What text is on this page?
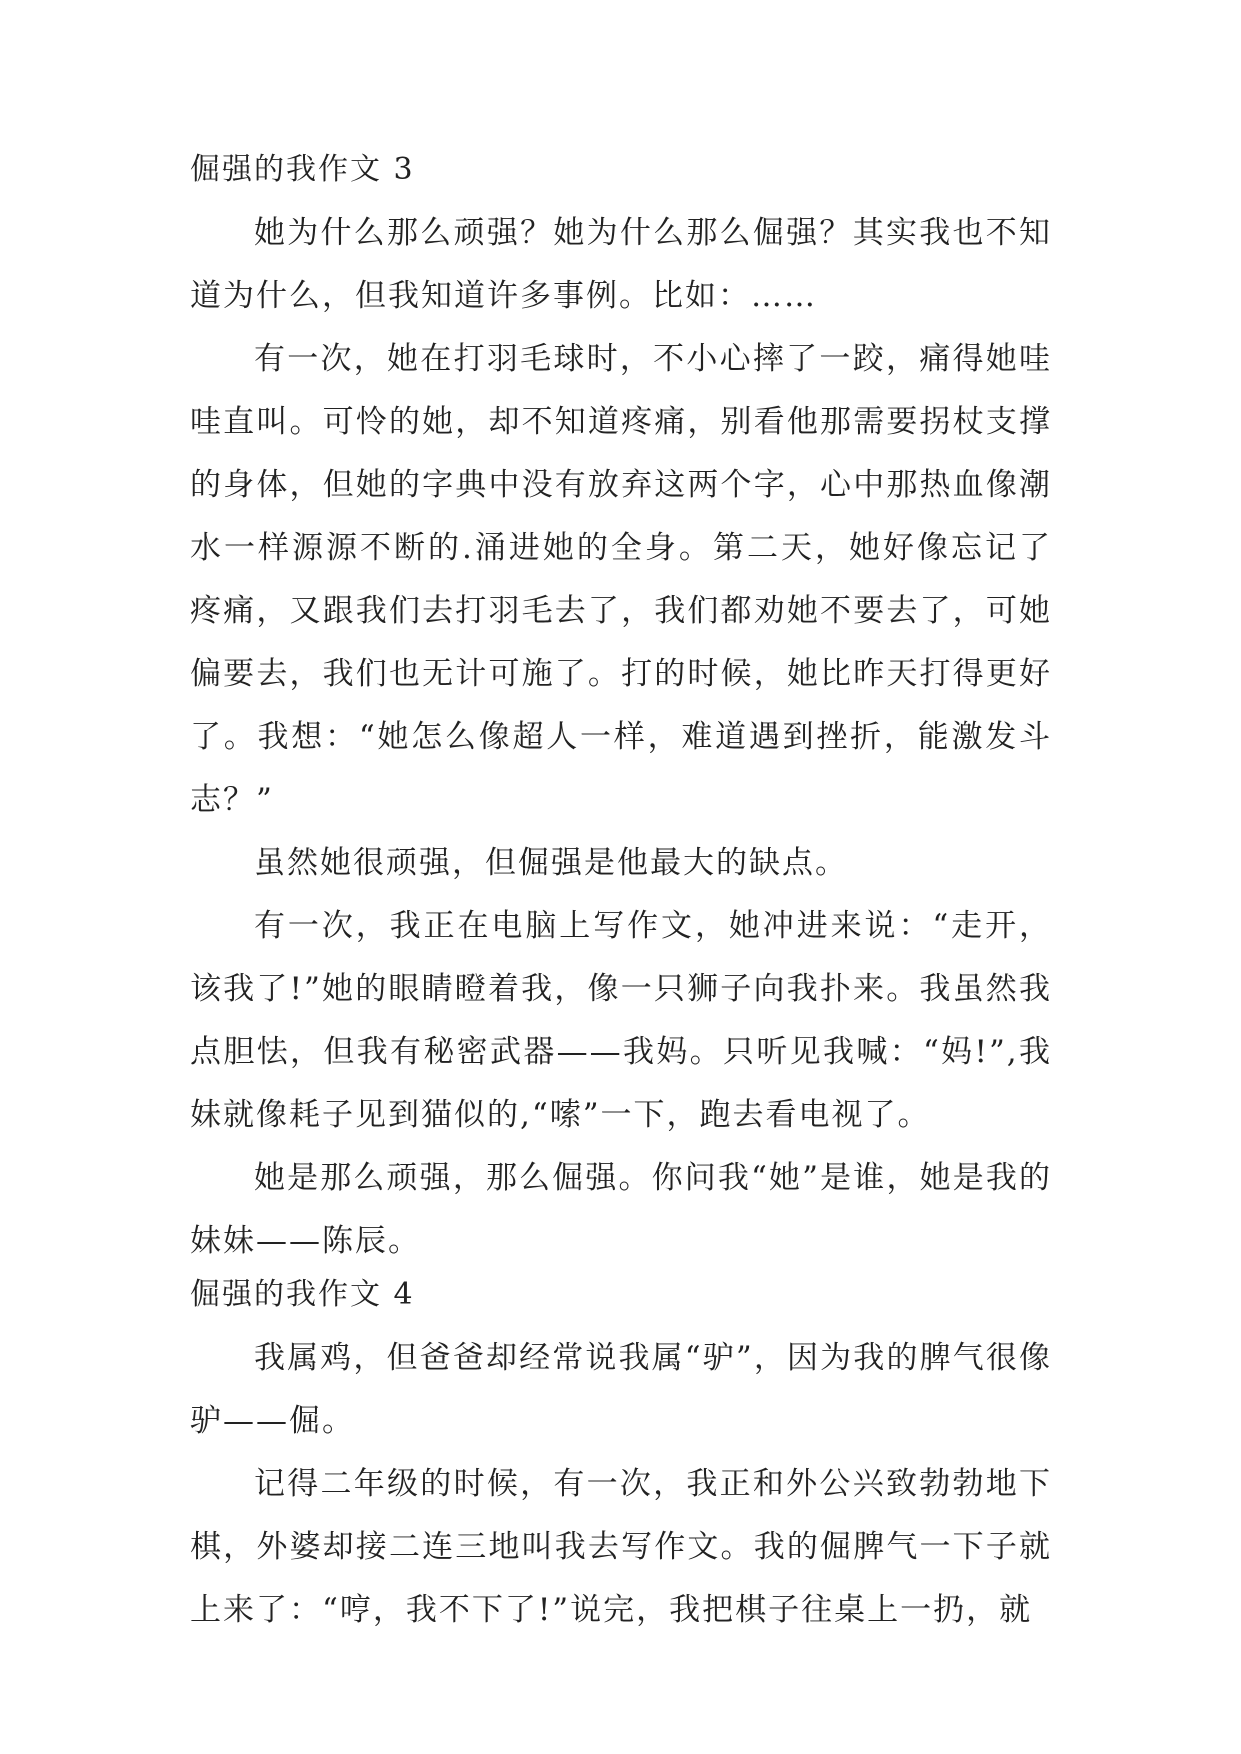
倔强的我作文 3

她为什么那么顽强？她为什么那么倔强？其实我也不知道为什么，但我知道许多事例。比如：……

有一次，她在打羽毛球时，不小心摔了一跤，痛得她哇哇直叫。可怜的她，却不知道疼痛，别看他那需要拐杖支撑的身体，但她的字典中没有放弃这两个字，心中那热血像潮水一样源源不断的.涌进她的全身。第二天，她好像忘记了疼痛，又跟我们去打羽毛去了，我们都劝她不要去了，可她偏要去，我们也无计可施了。打的时候，她比昨天打得更好了。我想：“她怎么像超人一样，难道遇到挫折，能激发斗志？”

虽然她很顽强，但倔强是他最大的缺点。

有一次，我正在电脑上写作文，她冲进来说：“走开，该我了!”她的眼睛瞪着我，像一只狮子向我扑来。我虽然我点胆怯，但我有秘密武器——我妈。只听见我喊：“妈!”,我妹就像耗子见到猫似的,“嗦”一下，跑去看电视了。

她是那么顽强，那么倔强。你问我“她”是谁，她是我的妹妹——陈辰。

倔强的我作文 4

我属鸡，但爸爸却经常说我属“驴”，因为我的脾气很像驴——倔。

记得二年级的时候，有一次，我正和外公兴致勃勃地下棋，外婆却接二连三地叫我去写作文。我的倔脾气一下子就上来了：“哼，我不下了!”说完，我把棋子往桌上一扔，就
